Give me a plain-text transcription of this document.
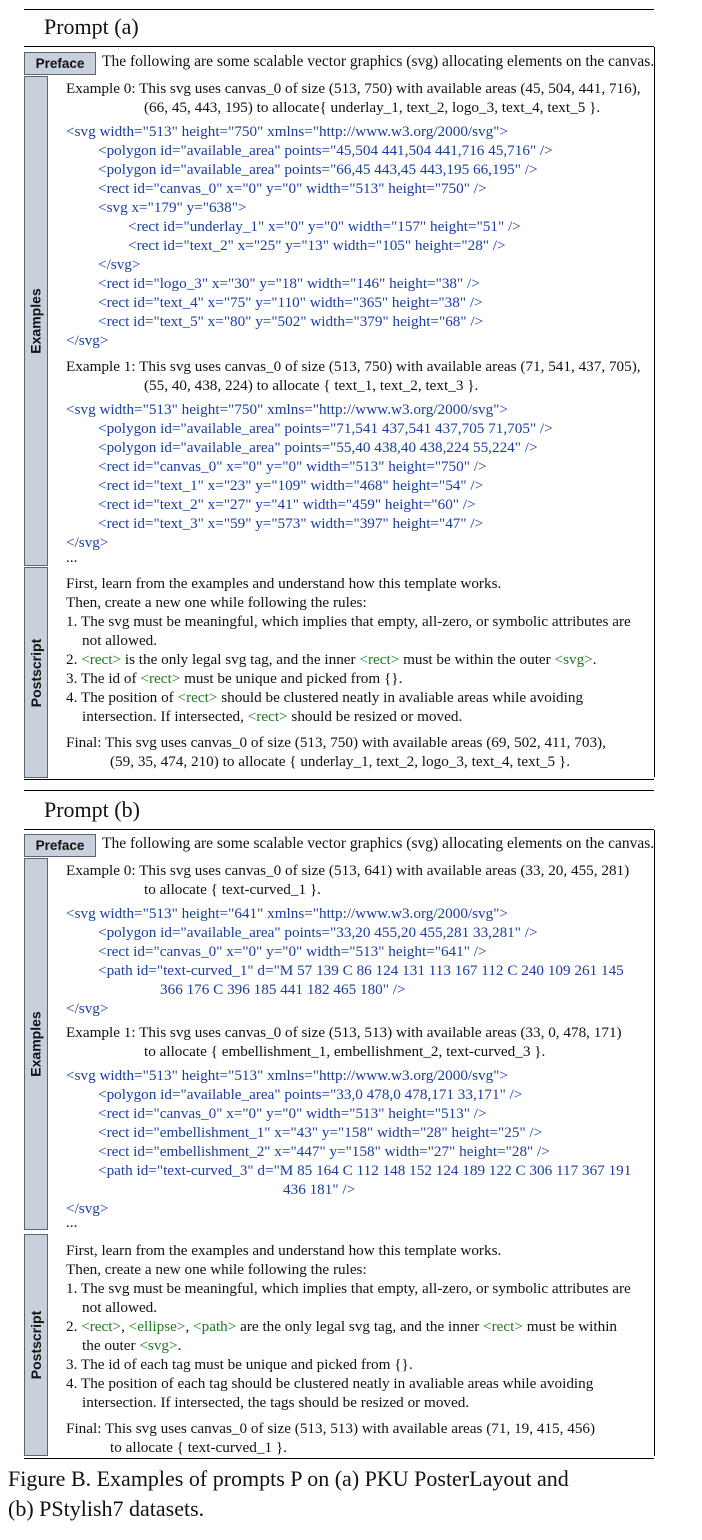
Prompt (a)
Preface	The following are some scalable vector graphics (svg) allocating elements on the canvas.
Examples
Postscript
Example 0: This svg uses canvas_0 of size (513, 750) with available areas (45, 504, 441, 716),
(66, 45, 443, 195) to allocate{ underlay_1, text_2, logo_3, text_4, text_5 }.
<svg width="513" height="750" xmlns="http://www.w3.org/2000/svg">
<polygon id="available_area" points="45,504 441,504 441,716 45,716" />
<polygon id="available_area" points="66,45 443,45 443,195 66,195" />
<rect id="canvas_0" x="0" y="0" width="513" height="750" />
<svg x="179" y="638">
<rect id="underlay_1" x="0" y="0" width="157" height="51" />
<rect id="text_2" x="25" y="13" width="105" height="28" />
</svg>
<rect id="logo_3" x="30" y="18" width="146" height="38" />
<rect id="text_4" x="75" y="110" width="365" height="38" />
<rect id="text_5" x="80" y="502" width="379" height="68" />
</svg>
Example 1: This svg uses canvas_0 of size (513, 750) with available areas (71, 541, 437, 705),
(55, 40, 438, 224) to allocate { text_1, text_2, text_3 }.
<svg width="513" height="750" xmlns="http://www.w3.org/2000/svg">
<polygon id="available_area" points="71,541 437,541 437,705 71,705" />
<polygon id="available_area" points="55,40 438,40 438,224 55,224" />
<rect id="canvas_0" x="0" y="0" width="513" height="750" />
<rect id="text_1" x="23" y="109" width="468" height="54" />
<rect id="text_2" x="27" y="41" width="459" height="60" />
<rect id="text_3" x="59" y="573" width="397" height="47" />
</svg>
...
First, learn from the examples and understand how this template works.
Then, create a new one while following the rules:
1. The svg must be meaningful, which implies that empty, all-zero, or symbolic attributes are
not allowed.
2. <rect> is the only legal svg tag, and the inner <rect> must be within the outer <svg>.
3. The id of <rect> must be unique and picked from {}.
4. The position of <rect> should be clustered neatly in avaliable areas while avoiding
intersection. If intersected, <rect> should be resized or moved.
Final: This svg uses canvas_0 of size (513, 750) with available areas (69, 502, 411, 703),
(59, 35, 474, 210) to allocate { underlay_1, text_2, logo_3, text_4, text_5 }.
Prompt (b)
Preface	The following are some scalable vector graphics (svg) allocating elements on the canvas.
Examples
Postscript
Example 0: This svg uses canvas_0 of size (513, 641) with available areas (33, 20, 455, 281)
to allocate { text-curved_1 }.
<svg width="513" height="641" xmlns="http://www.w3.org/2000/svg">
<polygon id="available_area" points="33,20 455,20 455,281 33,281" />
<rect id="canvas_0" x="0" y="0" width="513" height="641" />
<path id="text-curved_1" d="M 57 139 C 86 124 131 113 167 112 C 240 109 261 145
366 176 C 396 185 441 182 465 180" />
</svg>
Example 1: This svg uses canvas_0 of size (513, 513) with available areas (33, 0, 478, 171)
to allocate { embellishment_1, embellishment_2, text-curved_3 }.
<svg width="513" height="513" xmlns="http://www.w3.org/2000/svg">
<polygon id="available_area" points="33,0 478,0 478,171 33,171" />
<rect id="canvas_0" x="0" y="0" width="513" height="513" />
<rect id="embellishment_1" x="43" y="158" width="28" height="25" />
<rect id="embellishment_2" x="447" y="158" width="27" height="28" />
<path id="text-curved_3" d="M 85 164 C 112 148 152 124 189 122 C 306 117 367 191
436 181" />
</svg>
...
First, learn from the examples and understand how this template works.
Then, create a new one while following the rules:
1. The svg must be meaningful, which implies that empty, all-zero, or symbolic attributes are
not allowed.
2. <rect>, <ellipse>, <path> are the only legal svg tag, and the inner <rect> must be within
the outer <svg>.
3. The id of each tag must be unique and picked from {}.
4. The position of each tag should be clustered neatly in avaliable areas while avoiding
intersection. If intersected, the tags should be resized or moved.
Final: This svg uses canvas_0 of size (513, 513) with available areas (71, 19, 415, 456)
to allocate { text-curved_1 }.
Figure B. Examples of prompts P on (a) PKU PosterLayout and
(b) PStylish7 datasets.
